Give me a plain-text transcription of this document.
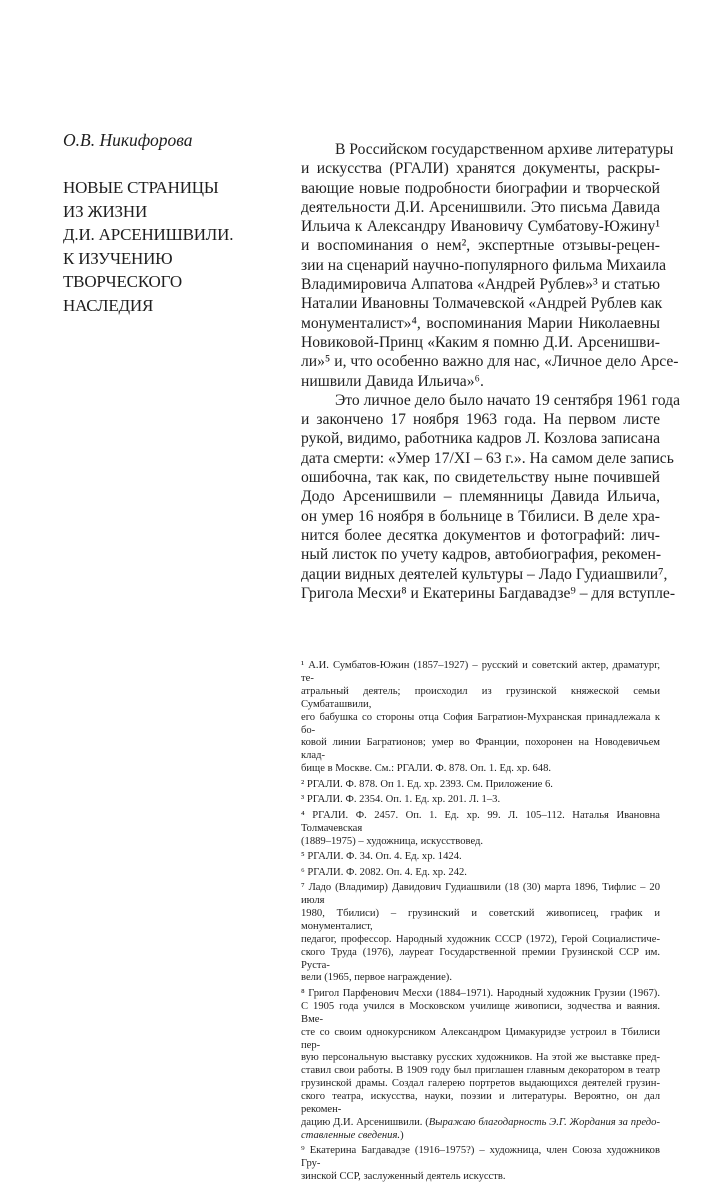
О.В. Никифорова
НОВЫЕ СТРАНИЦЫ
ИЗ ЖИЗНИ
Д.И. АРСЕНИШВИЛИ.
К ИЗУЧЕНИЮ
ТВОРЧЕСКОГО
НАСЛЕДИЯ
В Российском государственном архиве литературы
и искусства (РГАЛИ) хранятся документы, раскры-
вающие новые подробности биографии и творческой
деятельности Д.И. Арсенишвили. Это письма Давида
Ильича к Александру Ивановичу Сумбатову-Южину¹
и воспоминания о нем², экспертные отзывы-рецен-
зии на сценарий научно-популярного фильма Михаила
Владимировича Алпатова «Андрей Рублев»³ и статью
Наталии Ивановны Толмачевской «Андрей Рублев как
монументалист»⁴, воспоминания Марии Николаевны
Новиковой-Принц «Каким я помню Д.И. Арсенишви-
ли»⁵ и, что особенно важно для нас, «Личное дело Арсе-
нишвили Давида Ильича»⁶.
Это личное дело было начато 19 сентября 1961 года
и закончено 17 ноября 1963 года. На первом листе
рукой, видимо, работника кадров Л. Козлова записана
дата смерти: «Умер 17/XI – 63 г.». На самом деле запись
ошибочна, так как, по свидетельству ныне почившей
Додо Арсенишвили – племянницы Давида Ильича,
он умер 16 ноября в больнице в Тбилиси. В деле хра-
нится более десятка документов и фотографий: лич-
ный листок по учету кадров, автобиография, рекомен-
дации видных деятелей культуры – Ладо Гудиашвили⁷,
Григола Месхи⁸ и Екатерины Багдавадзе⁹ – для вступле-
¹ А.И. Сумбатов-Южин (1857–1927) – русский и советский актер, драматург, те-
атральный деятель; происходил из грузинской княжеской семьи Сумбаташвили,
его бабушка со стороны отца София Багратион-Мухранская принадлежала к бо-
ковой линии Багратионов; умер во Франции, похоронен на Новодевичьем клад-
бище в Москве. См.: РГАЛИ. Ф. 878. Оп. 1. Ед. хр. 648.
² РГАЛИ. Ф. 878. Оп 1. Ед. хр. 2393. См. Приложение 6.
³ РГАЛИ. Ф. 2354. Оп. 1. Ед. хр. 201. Л. 1–3.
⁴ РГАЛИ. Ф. 2457. Оп. 1. Ед. хр. 99. Л. 105–112. Наталья Ивановна Толмачевская
(1889–1975) – художница, искусствовед.
⁵ РГАЛИ. Ф. 34. Оп. 4. Ед. хр. 1424.
⁶ РГАЛИ. Ф. 2082. Оп. 4. Ед. хр. 242.
⁷ Ладо (Владимир) Давидович Гудиашвили (18 (30) марта 1896, Тифлис – 20 июля
1980, Тбилиси) – грузинский и советский живописец, график и монументалист,
педагог, профессор. Народный художник СССР (1972), Герой Социалистиче-
ского Труда (1976), лауреат Государственной премии Грузинской ССР им. Руста-
вели (1965, первое награждение).
⁸ Григол Парфенович Месхи (1884–1971). Народный художник Грузии (1967).
С 1905 года учился в Московском училище живописи, зодчества и ваяния. Вме-
сте со своим однокурсником Александром Цимакуридзе устроил в Тбилиси пер-
вую персональную выставку русских художников. На этой же выставке пред-
ставил свои работы. В 1909 году был приглашен главным декоратором в театр
грузинской драмы. Создал галерею портретов выдающихся деятелей грузин-
ского театра, искусства, науки, поэзии и литературы. Вероятно, он дал рекомен-
дацию Д.И. Арсенишвили. (Выражаю благодарность Э.Г. Жордания за предо-
ставленные сведения.)
⁹ Екатерина Багдавадзе (1916–1975?) – художница, член Союза художников Гру-
зинской ССР, заслуженный деятель искусств.
